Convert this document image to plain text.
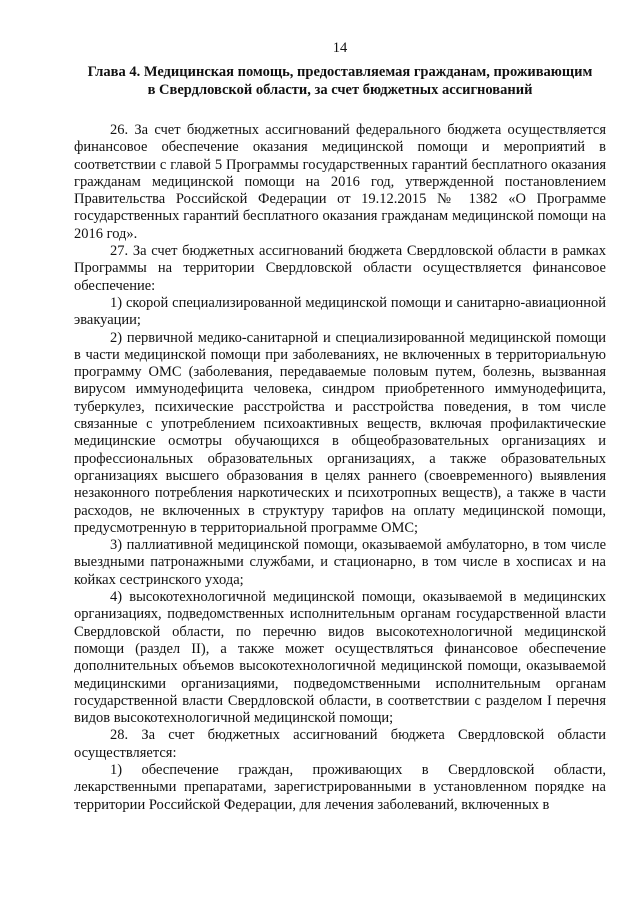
14
Глава 4. Медицинская помощь, предоставляемая гражданам, проживающим
в Свердловской области, за счет бюджетных ассигнований

26. За счет бюджетных ассигнований федерального бюджета осуществляется финансовое обеспечение оказания медицинской помощи и мероприятий в соответствии с главой 5 Программы государственных гарантий бесплатного оказания гражданам медицинской помощи на 2016 год, утвержденной постановлением Правительства Российской Федерации от 19.12.2015 № 1382 «О Программе государственных гарантий бесплатного оказания гражданам медицинской помощи на 2016 год».

27. За счет бюджетных ассигнований бюджета Свердловской области в рамках Программы на территории Свердловской области осуществляется финансовое обеспечение:

1) скорой специализированной медицинской помощи и санитарно-авиационной эвакуации;

2) первичной медико-санитарной и специализированной медицинской помощи в части медицинской помощи при заболеваниях, не включенных в территориальную программу ОМС (заболевания, передаваемые половым путем, болезнь, вызванная вирусом иммунодефицита человека, синдром приобретенного иммунодефицита, туберкулез, психические расстройства и расстройства поведения, в том числе связанные с употреблением психоактивных веществ, включая профилактические медицинские осмотры обучающихся в общеобразовательных организациях и профессиональных образовательных организациях, а также образовательных организациях высшего образования в целях раннего (своевременного) выявления незаконного потребления наркотических и психотропных веществ), а также в части расходов, не включенных в структуру тарифов на оплату медицинской помощи, предусмотренную в территориальной программе ОМС;

3) паллиативной медицинской помощи, оказываемой амбулаторно, в том числе выездными патронажными службами, и стационарно, в том числе в хосписах и на койках сестринского ухода;

4) высокотехнологичной медицинской помощи, оказываемой в медицинских организациях, подведомственных исполнительным органам государственной власти Свердловской области, по перечню видов высокотехнологичной медицинской помощи (раздел II), а также может осуществляться финансовое обеспечение дополнительных объемов высокотехнологичной медицинской помощи, оказываемой медицинскими организациями, подведомственными исполнительным органам государственной власти Свердловской области, в соответствии с разделом I перечня видов высокотехнологичной медицинской помощи;

28. За счет бюджетных ассигнований бюджета Свердловской области осуществляется:

1) обеспечение граждан, проживающих в Свердловской области, лекарственными препаратами, зарегистрированными в установленном порядке на территории Российской Федерации, для лечения заболеваний, включенных в
